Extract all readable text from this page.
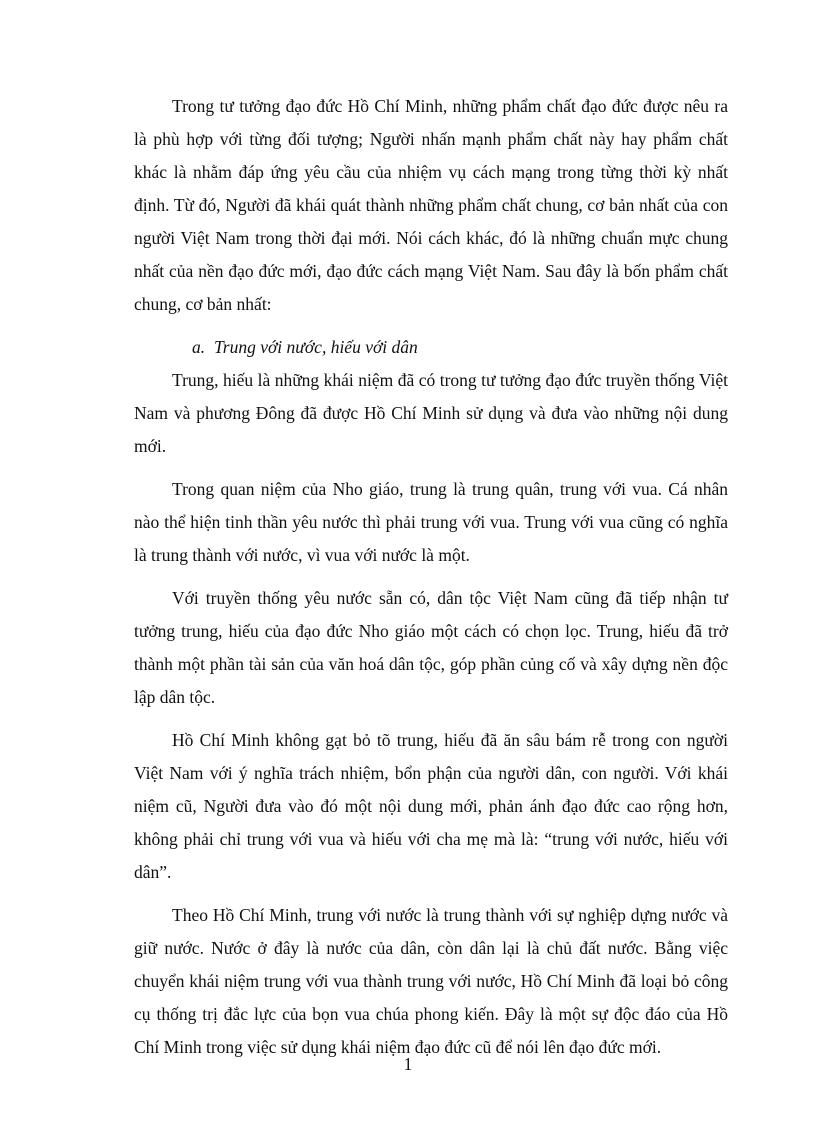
Trong tư tưởng đạo đức Hồ Chí Minh, những phẩm chất đạo đức được nêu ra là phù hợp với từng đối tượng; Người nhấn mạnh phẩm chất này hay phẩm chất khác là nhằm đáp ứng yêu cầu của nhiệm vụ cách mạng trong từng thời kỳ nhất định. Từ đó, Người đã khái quát thành những phẩm chất chung, cơ bản nhất của con người Việt Nam trong thời đại mới. Nói cách khác, đó là những chuẩn mực chung nhất của nền đạo đức mới, đạo đức cách mạng Việt Nam. Sau đây là bốn phẩm chất chung, cơ bản nhất:

a. Trung với nước, hiếu với dân

Trung, hiếu là những khái niệm đã có trong tư tưởng đạo đức truyền thống Việt Nam và phương Đông đã được Hồ Chí Minh sử dụng và đưa vào những nội dung mới.

Trong quan niệm của Nho giáo, trung là trung quân, trung với vua. Cá nhân nào thể hiện tinh thần yêu nước thì phải trung với vua. Trung với vua cũng có nghĩa là trung thành với nước, vì vua với nước là một.

Với truyền thống yêu nước sẵn có, dân tộc Việt Nam cũng đã tiếp nhận tư tưởng trung, hiếu của đạo đức Nho giáo một cách có chọn lọc. Trung, hiếu đã trở thành một phần tài sản của văn hoá dân tộc, góp phần củng cố và xây dựng nền độc lập dân tộc.

Hồ Chí Minh không gạt bỏ tõ trung, hiếu đã ăn sâu bám rễ trong con người Việt Nam với ý nghĩa trách nhiệm, bổn phận của người dân, con người. Với khái niệm cũ, Người đưa vào đó một nội dung mới, phản ánh đạo đức cao rộng hơn, không phải chỉ trung với vua và hiếu với cha mẹ mà là: “trung với nước, hiếu với dân”.

Theo Hồ Chí Minh, trung với nước là trung thành với sự nghiệp dựng nước và giữ nước. Nước ở đây là nước của dân, còn dân lại là chủ đất nước. Bằng việc chuyển khái niệm trung với vua thành trung với nước, Hồ Chí Minh đã loại bỏ công cụ thống trị đắc lực của bọn vua chúa phong kiến. Đây là một sự độc đáo của Hồ Chí Minh trong việc sử dụng khái niệm đạo đức cũ để nói lên đạo đức mới.

1
